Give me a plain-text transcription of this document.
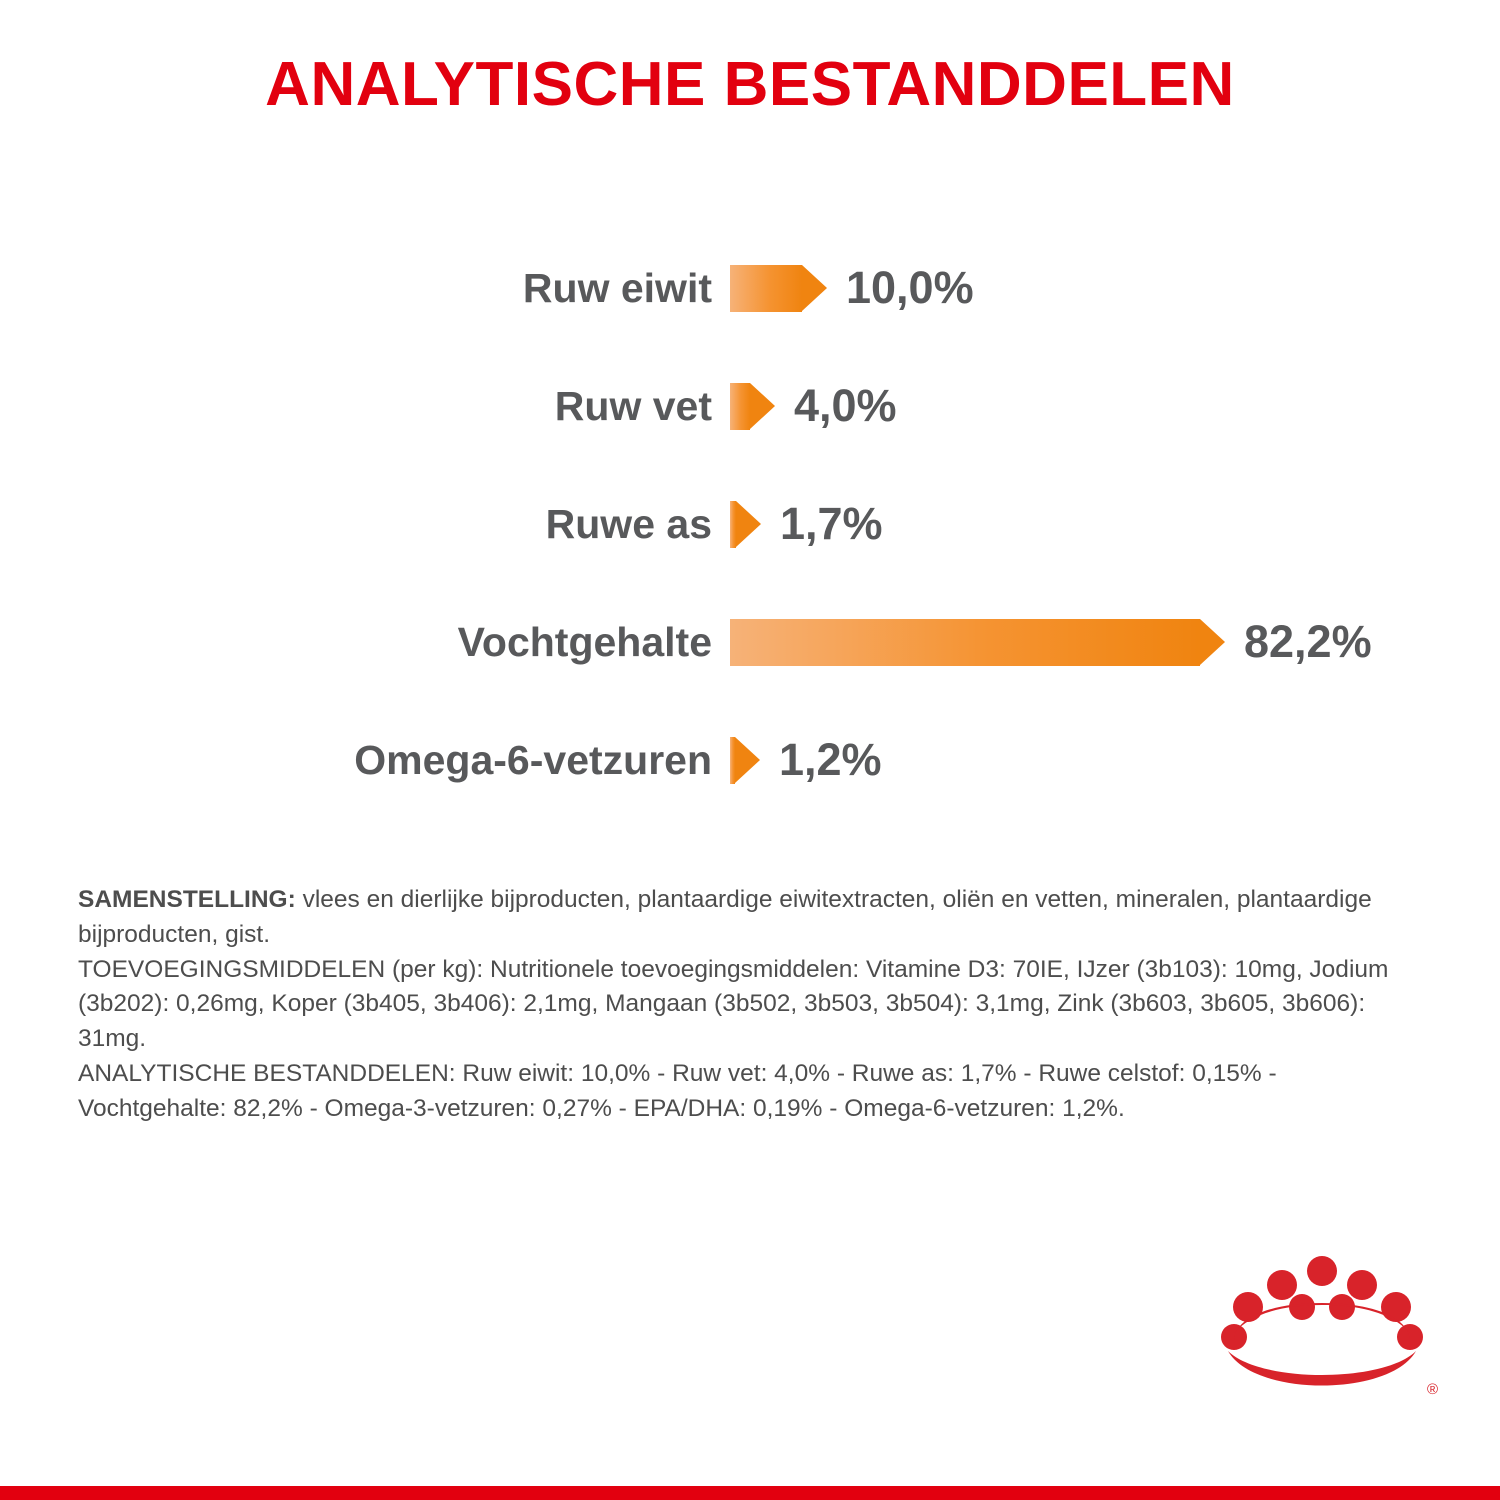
ANALYTISCHE BESTANDDELEN
Ruw eiwit	10,0%
Ruw vet	4,0%
Ruwe as	1,7%
Vochtgehalte	82,2%
Omega-6-vetzuren	1,2%

SAMENSTELLING: vlees en dierlijke bijproducten, plantaardige eiwitextracten, oliën en vetten, mineralen, plantaardige bijproducten, gist.

TOEVOEGINGSMIDDELEN (per kg): Nutritionele toevoegingsmiddelen: Vitamine D3: 70IE, IJzer (3b103): 10mg, Jodium (3b202): 0,26mg, Koper (3b405, 3b406): 2,1mg, Mangaan (3b502, 3b503, 3b504): 3,1mg, Zink (3b603, 3b605, 3b606): 31mg.

ANALYTISCHE BESTANDDELEN: Ruw eiwit: 10,0% - Ruw vet: 4,0% - Ruwe as: 1,7% - Ruwe celstof: 0,15% - Vochtgehalte: 82,2% - Omega-3-vetzuren: 0,27% - EPA/DHA: 0,19% - Omega-6-vetzuren: 1,2%.

®
